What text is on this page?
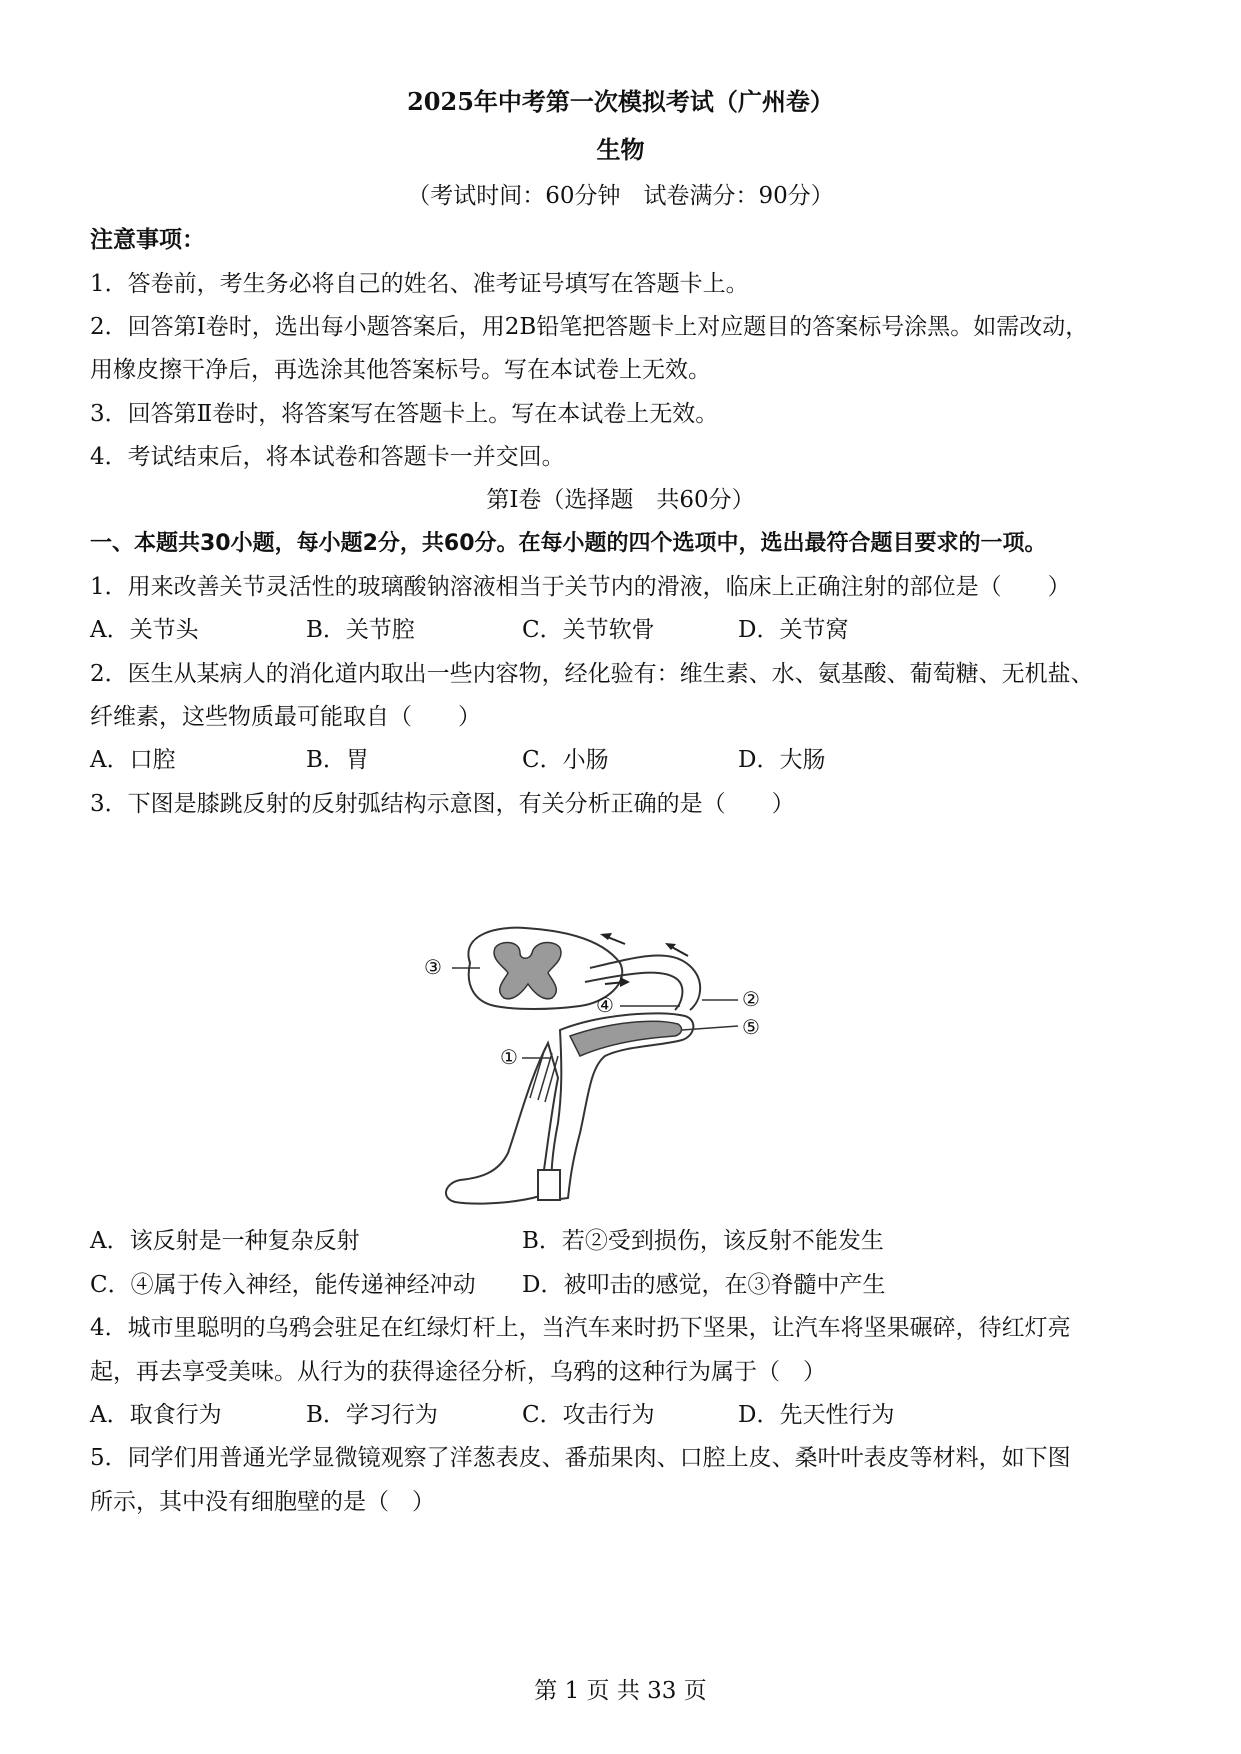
2025年中考第一次模拟考试（广州卷）
生物
（考试时间：60分钟　试卷满分：90分）
注意事项：
1．答卷前，考生务必将自己的姓名、准考证号填写在答题卡上。
2．回答第Ⅰ卷时，选出每小题答案后，用2B铅笔把答题卡上对应题目的答案标号涂黑。如需改动，
用橡皮擦干净后，再选涂其他答案标号。写在本试卷上无效。
3．回答第Ⅱ卷时，将答案写在答题卡上。写在本试卷上无效。
4．考试结束后，将本试卷和答题卡一并交回。
第Ⅰ卷（选择题　共60分）
一、本题共30小题，每小题2分，共60分。在每小题的四个选项中，选出最符合题目要求的一项。
1．用来改善关节灵活性的玻璃酸钠溶液相当于关节内的滑液，临床上正确注射的部位是（　　）
A．关节头	B．关节腔	C．关节软骨	D．关节窝
2．医生从某病人的消化道内取出一些内容物，经化验有：维生素、水、氨基酸、葡萄糖、无机盐、
纤维素，这些物质最可能取自（　　）
A．口腔	B．胃	C．小肠	D．大肠
3．下图是膝跳反射的反射弧结构示意图，有关分析正确的是（　　）
③
②
④
⑤
①
A．该反射是一种复杂反射	B．若②受到损伤，该反射不能发生
C．④属于传入神经，能传递神经冲动 D．被叩击的感觉，在③脊髓中产生
4．城市里聪明的乌鸦会驻足在红绿灯杆上，当汽车来时扔下坚果，让汽车将坚果碾碎，待红灯亮
起，再去享受美味。从行为的获得途径分析，乌鸦的这种行为属于（　）
A．取食行为	B．学习行为	C．攻击行为	D．先天性行为
5．同学们用普通光学显微镜观察了洋葱表皮、番茄果肉、口腔上皮、桑叶叶表皮等材料，如下图
所示，其中没有细胞壁的是（　）
第 1 页 共 33 页
